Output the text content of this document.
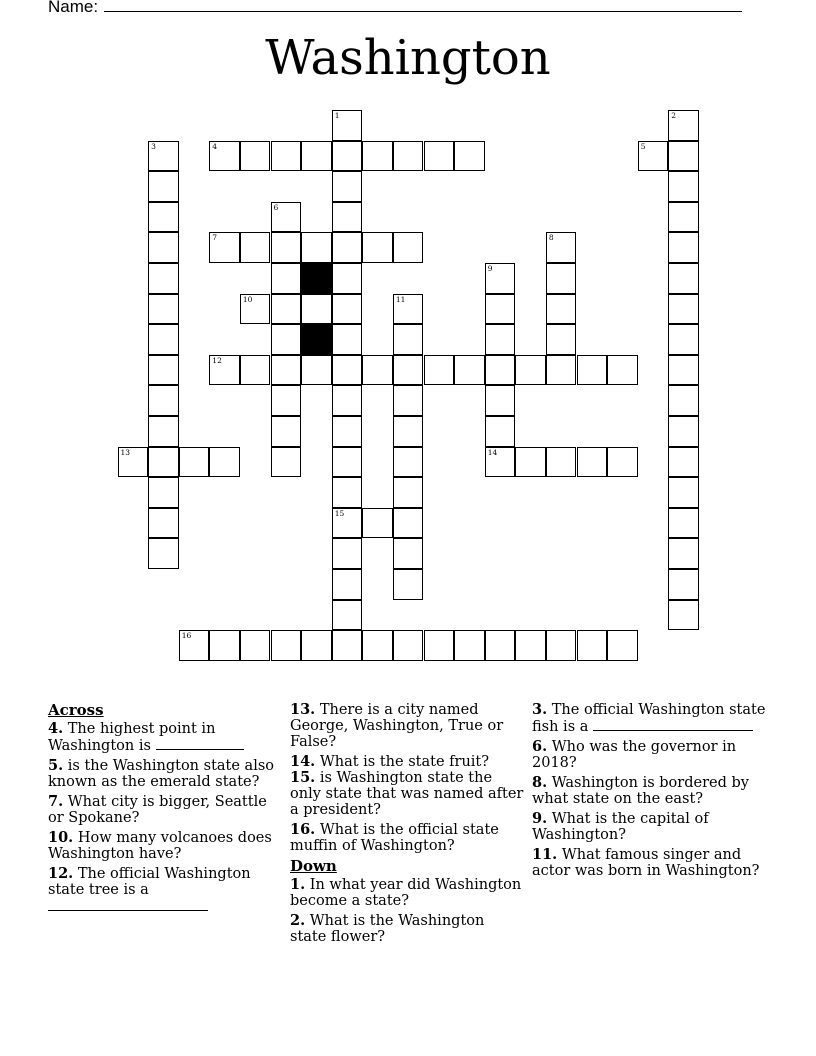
Name:
Washington
1	2
3	4	5
6
7	8
9
10	11
12
13	14
15
16
Across
4. The highest point in Washington is
5. is the Washington state also known as the emerald state?
7. What city is bigger, Seattle or Spokane?
10. How many volcanoes does Washington have?
12. The official Washington state tree is a
13. There is a city named George, Washington, True or False?
14. What is the state fruit?
15. is Washington state the only state that was named after a president?
16. What is the official state muffin of Washington?
Down
1. In what year did Washington become a state?
2. What is the Washington state flower?
3. The official Washington state fish is a
6. Who was the governor in 2018?
8. Washington is bordered by what state on the east?
9. What is the capital of Washington?
11. What famous singer and actor was born in Washington?
